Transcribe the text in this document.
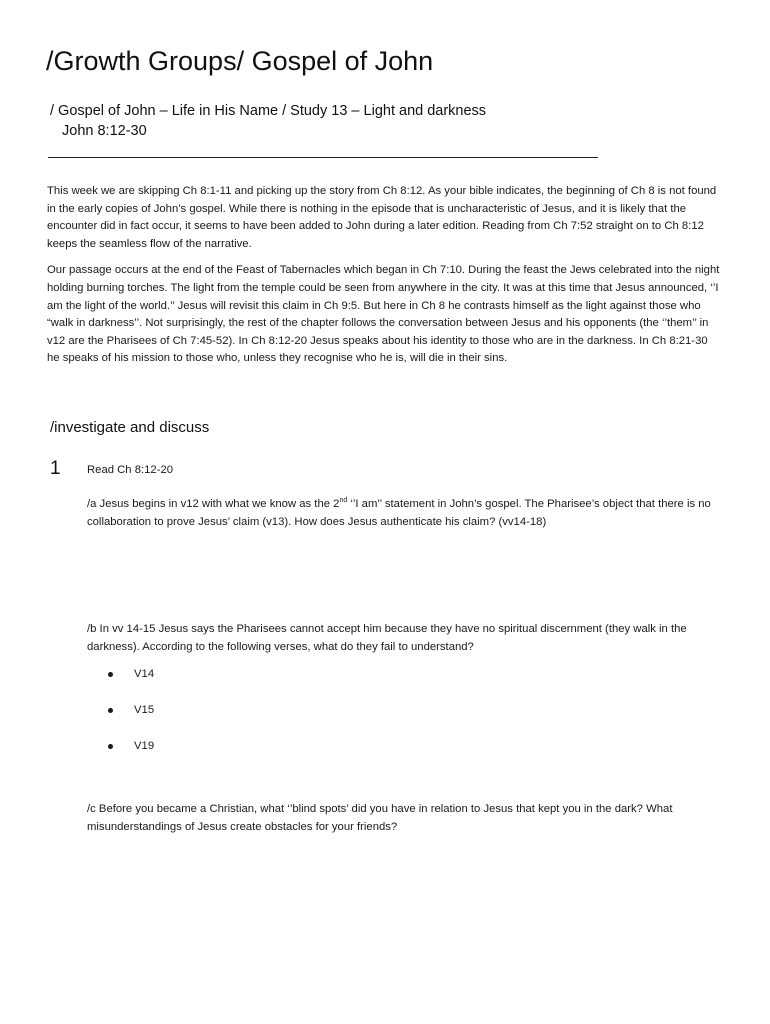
/Growth Groups/ Gospel of John
/ Gospel of John – Life in His Name / Study 13 – Light and darkness
John 8:12-30

This week we are skipping Ch 8:1-11 and picking up the story from Ch 8:12. As your bible indicates, the beginning of Ch 8 is not found in the early copies of John’s gospel. While there is nothing in the episode that is uncharacteristic of Jesus, and it is likely that the encounter did in fact occur, it seems to have been added to John during a later edition. Reading from Ch 7:52 straight on to Ch 8:12 keeps the seamless flow of the narrative.

Our passage occurs at the end of the Feast of Tabernacles which began in Ch 7:10. During the feast the Jews celebrated into the night holding burning torches. The light from the temple could be seen from anywhere in the city. It was at this time that Jesus announced, ‘’I am the light of the world.’’ Jesus will revisit this claim in Ch 9:5. But here in Ch 8 he contrasts himself as the light against those who “walk in darkness’’. Not surprisingly, the rest of the chapter follows the conversation between Jesus and his opponents (the ‘’them’’ in v12 are the Pharisees of Ch 7:45-52). In Ch 8:12-20 Jesus speaks about his identity to those who are in the darkness. In Ch 8:21-30 he speaks of his mission to those who, unless they recognise who he is, will die in their sins.

/investigate and discuss
1 Read Ch 8:12-20
/a Jesus begins in v12 with what we know as the 2nd ‘’I am’’ statement in John’s gospel. The Pharisee’s object that there is no collaboration to prove Jesus’ claim (v13). How does Jesus authenticate his claim? (vv14-18)
/b In vv 14-15 Jesus says the Pharisees cannot accept him because they have no spiritual discernment (they walk in the darkness). According to the following verses, what do they fail to understand?
V14
V15
V19
/c Before you became a Christian, what ‘’blind spots’ did you have in relation to Jesus that kept you in the dark? What misunderstandings of Jesus create obstacles for your friends?
